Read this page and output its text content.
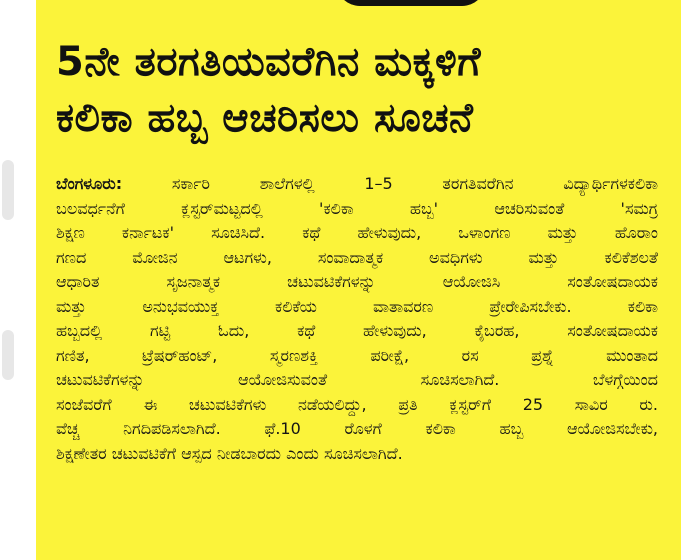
5ನೇ ತರಗತಿಯವರೆಗಿನ ಮಕ್ಕಳಿಗೆ
ಕಲಿಕಾ ಹಬ್ಬ ಆಚರಿಸಲು ಸೂಚನೆ
ಬೆಂಗಳೂರು:	ಸರ್ಕಾರಿ ಶಾಲೆಗಳಲ್ಲಿ 1–5 ತರಗತಿವರೆಗಿನ ವಿದ್ಯಾರ್ಥಿಗಳಕಲಿಕಾ
ಬಲವರ್ಧನೆಗೆ ಕ್ಲಸ್ಟರ್‌ಮಟ್ಟದಲ್ಲಿ 'ಕಲಿಕಾ ಹಬ್ಬ' ಆಚರಿಸುವಂತೆ 'ಸಮಗ್ರ
ಶಿಕ್ಷಣ ಕರ್ನಾಟಕ' ಸೂಚಿಸಿದೆ. ಕಥೆ ಹೇಳುವುದು, ಒಳಾಂಗಣ ಮತ್ತು ಹೊರಾಂ
ಗಣದ ಮೋಜಿನ ಆಟಗಳು, ಸಂವಾದಾತ್ಮಕ ಅವಧಿಗಳು ಮತ್ತು ಕಲಿಕೆಶಲತೆ
ಆಧಾರಿತ ಸೃಜನಾತ್ಮಕ ಚಟುವಟಿಕೆಗಳನ್ನು ಆಯೋಜಿಸಿ ಸಂತೋಷದಾಯಕ
ಮತ್ತು ಅನುಭವಯುಕ್ತ ಕಲಿಕೆಯ ವಾತಾವರಣ ಪ್ರೇರೇಪಿಸಬೇಕು. ಕಲಿಕಾ
ಹಬ್ಬದಲ್ಲಿ ಗಟ್ಟಿ ಓದು, ಕಥೆ ಹೇಳುವುದು, ಕೈಬರಹ, ಸಂತೋಷದಾಯಕ
ಗಣಿತ, ಟ್ರೆಷರ್‌ಹಂಟ್, ಸ್ಮರಣಶಕ್ತಿ ಪರೀಕ್ಷೆ, ರಸ ಪ್ರಶ್ನೆ ಮುಂತಾದ
ಚಟುವಟಿಕೆಗಳನ್ನು ಆಯೋಜಿಸುವಂತೆ ಸೂಚಿಸಲಾಗಿದೆ. ಬೆಳಗ್ಗೆಯಿಂದ
ಸಂಜೆವರೆಗೆ ಈ ಚಟುವಟಿಕೆಗಳು ನಡೆಯಲಿದ್ದು, ಪ್ರತಿ ಕ್ಲಸ್ಟರ್‌ಗೆ 25 ಸಾವಿರ ರು.
ವೆಚ್ಚ ನಿಗದಿಪಡಿಸಲಾಗಿದೆ. ಫೆ.10 ರೊಳಗೆ ಕಲಿಕಾ ಹಬ್ಬ ಆಯೋಜಿಸಬೇಕು,
ಶಿಕ್ಷಣೇತರ ಚಟುವಟಿಕೆಗೆ ಆಸ್ಪದ ನೀಡಬಾರದು ಎಂದು ಸೂಚಿಸಲಾಗಿದೆ.
